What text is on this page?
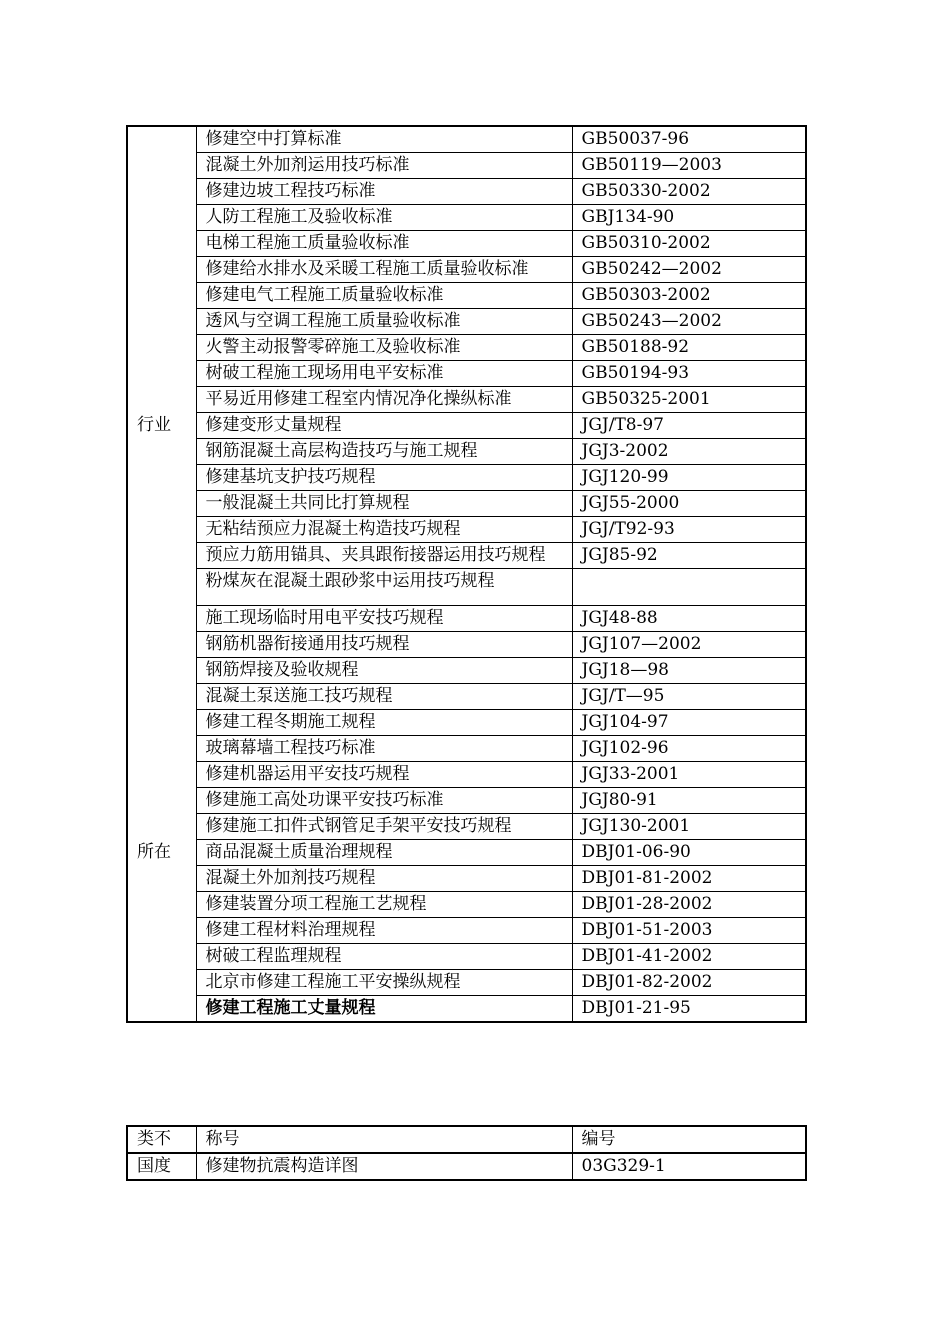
	修建空中打算标准	GB50037-96
	混凝土外加剂运用技巧标准	GB50119—2003
	修建边坡工程技巧标准	GB50330-2002
	人防工程施工及验收标准	GBJ134-90
	电梯工程施工质量验收标准	GB50310-2002
	修建给水排水及采暖工程施工质量验收标准	GB50242—2002
	修建电气工程施工质量验收标准	GB50303-2002
	透风与空调工程施工质量验收标准	GB50243—2002
	火警主动报警零碎施工及验收标准	GB50188-92
	树破工程施工现场用电平安标准	GB50194-93
	平易近用修建工程室内情况净化操纵标准	GB50325-2001
行业	修建变形丈量规程	JGJ/T8-97
	钢筋混凝土高层构造技巧与施工规程	JGJ3-2002
	修建基坑支护技巧规程	JGJ120-99
	一般混凝土共同比打算规程	JGJ55-2000
	无粘结预应力混凝土构造技巧规程	JGJ/T92-93
	预应力筋用锚具、夹具跟衔接器运用技巧规程	JGJ85-92
	粉煤灰在混凝土跟砂浆中运用技巧规程	
	施工现场临时用电平安技巧规程	JGJ48-88
	钢筋机器衔接通用技巧规程	JGJ107—2002
	钢筋焊接及验收规程	JGJ18—98
	混凝土泵送施工技巧规程	JGJ/T—95
	修建工程冬期施工规程	JGJ104-97
	玻璃幕墙工程技巧标准	JGJ102-96
	修建机器运用平安技巧规程	JGJ33-2001
	修建施工高处功课平安技巧标准	JGJ80-91
	修建施工扣件式钢管足手架平安技巧规程	JGJ130-2001
所在	商品混凝土质量治理规程	DBJ01-06-90
	混凝土外加剂技巧规程	DBJ01-81-2002
	修建装置分项工程施工艺规程	DBJ01-28-2002
	修建工程材料治理规程	DBJ01-51-2003
	树破工程监理规程	DBJ01-41-2002
	北京市修建工程施工平安操纵规程	DBJ01-82-2002
	修建工程施工丈量规程	DBJ01-21-95
类不	称号	编号
国度	修建物抗震构造详图	03G329-1
